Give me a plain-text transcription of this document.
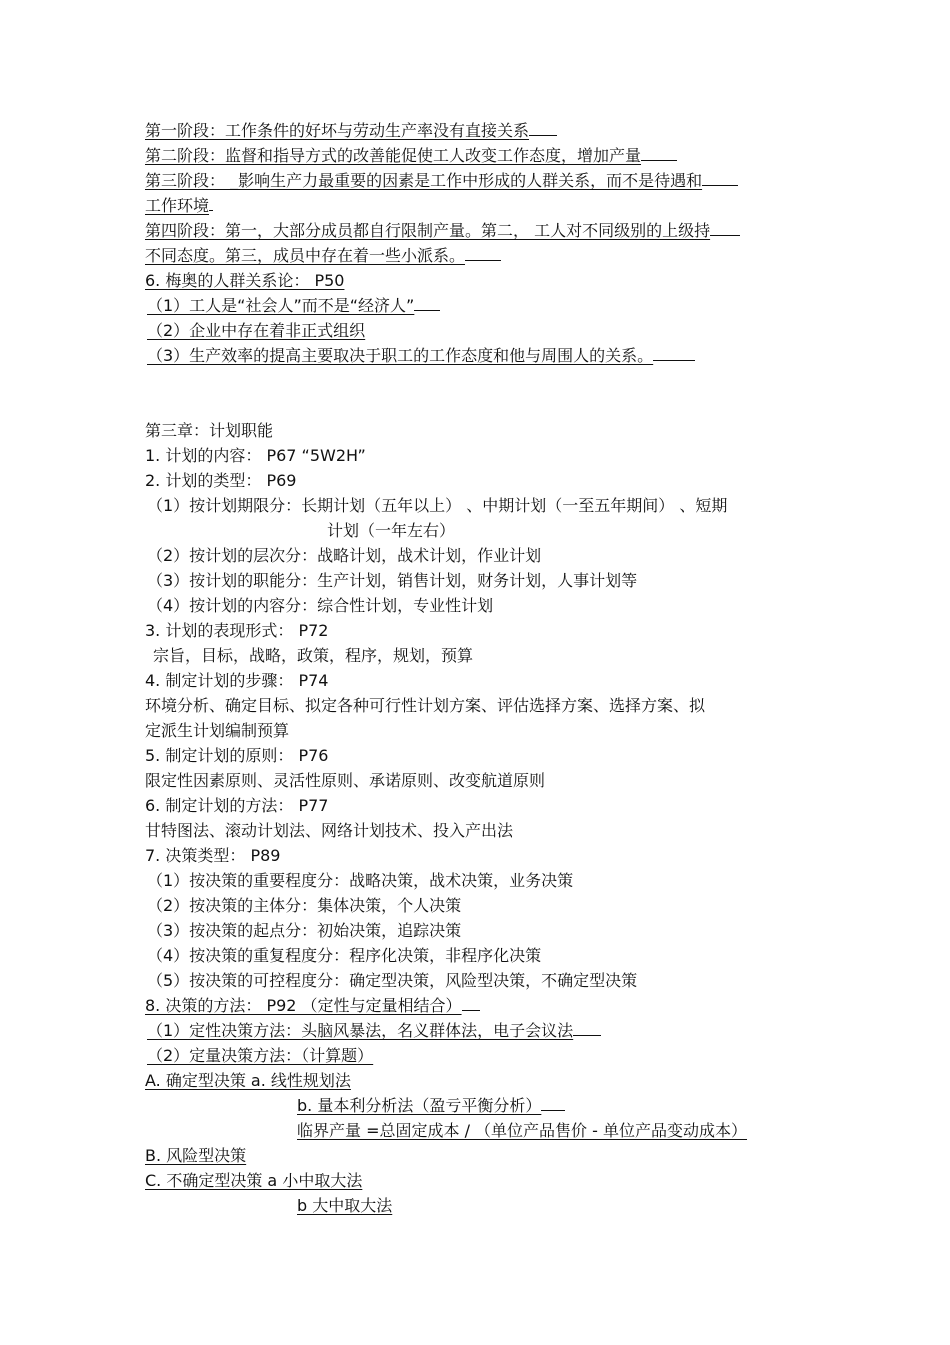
第一阶段：工作条件的好坏与劳动生产率没有直接关系
第二阶段：监督和指导方式的改善能促使工人改变工作态度，增加产量
第三阶段： _影响生产力最重要的因素是工作中形成的人群关系，而不是待遇和
工作环境
第四阶段：第一，大部分成员都自行限制产量。第二， 工人对不同级别的上级持
不同态度。第三，成员中存在着一些小派系。
6. 梅奥的人群关系论： P50
（1）工人是“社会人”而不是“经济人”
（2）企业中存在着非正式组织
（3）生产效率的提高主要取决于职工的工作态度和他与周围人的关系。
第三章：计划职能
1. 计划的内容： P67 “5W2H”
2. 计划的类型： P69
（1）按计划期限分：长期计划（五年以上） 、中期计划（一至五年期间） 、短期
计划（一年左右）
（2）按计划的层次分：战略计划，战术计划，作业计划
（3）按计划的职能分：生产计划，销售计划，财务计划，人事计划等
（4）按计划的内容分：综合性计划，专业性计划
3. 计划的表现形式： P72
宗旨，目标，战略，政策，程序，规划，预算
4. 制定计划的步骤： P74
环境分析、确定目标、拟定各种可行性计划方案、评估选择方案、选择方案、拟
定派生计划编制预算
5. 制定计划的原则： P76
限定性因素原则、灵活性原则、承诺原则、改变航道原则
6. 制定计划的方法： P77
甘特图法、滚动计划法、网络计划技术、投入产出法
7. 决策类型： P89
（1）按决策的重要程度分：战略决策，战术决策，业务决策
（2）按决策的主体分：集体决策，个人决策
（3）按决策的起点分：初始决策，追踪决策
（4）按决策的重复程度分：程序化决策，非程序化决策
（5）按决策的可控程度分：确定型决策，风险型决策，不确定型决策
8. 决策的方法： P92 （定性与定量相结合）
（1）定性决策方法：头脑风暴法，名义群体法，电子会议法
（2）定量决策方法：（计算题）
A. 确定型决策 a. 线性规划法
b. 量本利分析法（盈亏平衡分析）
临界产量 =总固定成本 / （单位产品售价 - 单位产品变动成本）
B. 风险型决策
C. 不确定型决策 a 小中取大法
b 大中取大法
